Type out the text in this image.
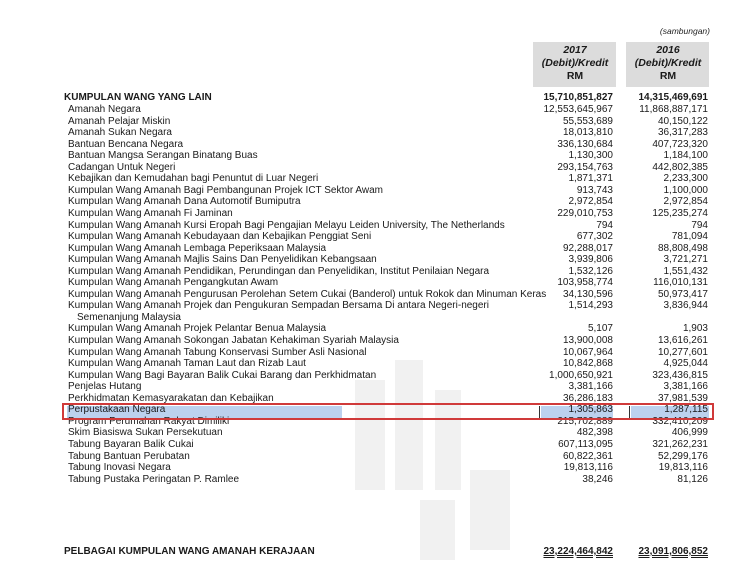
(sambungan)
2017
(Debit)/Kredit
RM
2016
(Debit)/Kredit
RM
KUMPULAN WANG YANG LAIN	15,710,851,827	14,315,469,691
Amanah Negara	12,553,645,967	11,868,887,171
Amanah Pelajar Miskin	55,553,689	40,150,122
Amanah Sukan Negara	18,013,810	36,317,283
Bantuan Bencana Negara	336,130,684	407,723,320
Bantuan Mangsa Serangan Binatang Buas	1,130,300	1,184,100
Cadangan Untuk Negeri	293,154,763	442,802,385
Kebajikan dan Kemudahan bagi Penuntut di Luar Negeri	1,871,371	2,233,300
Kumpulan Wang Amanah Bagi Pembangunan Projek ICT Sektor Awam	913,743	1,100,000
Kumpulan Wang Amanah Dana Automotif Bumiputra	2,972,854	2,972,854
Kumpulan Wang Amanah Fi Jaminan	229,010,753	125,235,274
Kumpulan Wang Amanah Kursi Eropah Bagi Pengajian Melayu Leiden University, The Netherlands	794	794
Kumpulan Wang Amanah Kebudayaan dan Kebajikan Penggiat Seni	677,302	781,094
Kumpulan Wang Amanah Lembaga Peperiksaan Malaysia	92,288,017	88,808,498
Kumpulan Wang Amanah Majlis Sains Dan Penyelidikan Kebangsaan	3,939,806	3,721,271
Kumpulan Wang Amanah Pendidikan, Perundingan dan Penyelidikan, Institut Penilaian Negara	1,532,126	1,551,432
Kumpulan Wang Amanah Pengangkutan Awam	103,958,774	116,010,131
Kumpulan Wang Amanah Pengurusan Perolehan Setem Cukai (Banderol) untuk Rokok dan Minuman Keras	34,130,596	50,973,417
Kumpulan Wang Amanah Projek dan Pengukuran Sempadan Bersama Di antara Negeri-negeri	1,514,293	3,836,944
Semenanjung Malaysia
Kumpulan Wang Amanah Projek Pelantar Benua Malaysia	5,107	1,903
Kumpulan Wang Amanah Sokongan Jabatan Kehakiman Syariah Malaysia	13,900,008	13,616,261
Kumpulan Wang Amanah Tabung Konservasi Sumber Asli Nasional	10,067,964	10,277,601
Kumpulan Wang Amanah Taman Laut dan Rizab Laut	10,842,868	4,925,044
Kumpulan Wang Bagi Bayaran Balik Cukai Barang dan Perkhidmatan	1,000,650,921	323,436,815
Penjelas Hutang	3,381,166	3,381,166
Perkhidmatan Kemasyarakatan dan Kebajikan	36,286,183	37,981,539
Perpustakaan Negara	1,305,863	1,287,115
Program Perumahan Rakyat Dimiliki	215,702,889	332,410,209
Skim Biasiswa Sukan Persekutuan	482,398	406,999
Tabung Bayaran Balik Cukai	607,113,095	321,262,231
Tabung Bantuan Perubatan	60,822,361	52,299,176
Tabung Inovasi Negara	19,813,116	19,813,116
Tabung Pustaka Peringatan P. Ramlee	38,246	81,126
PELBAGAI KUMPULAN WANG AMANAH KERAJAAN	23,224,464,842	23,091,806,852
